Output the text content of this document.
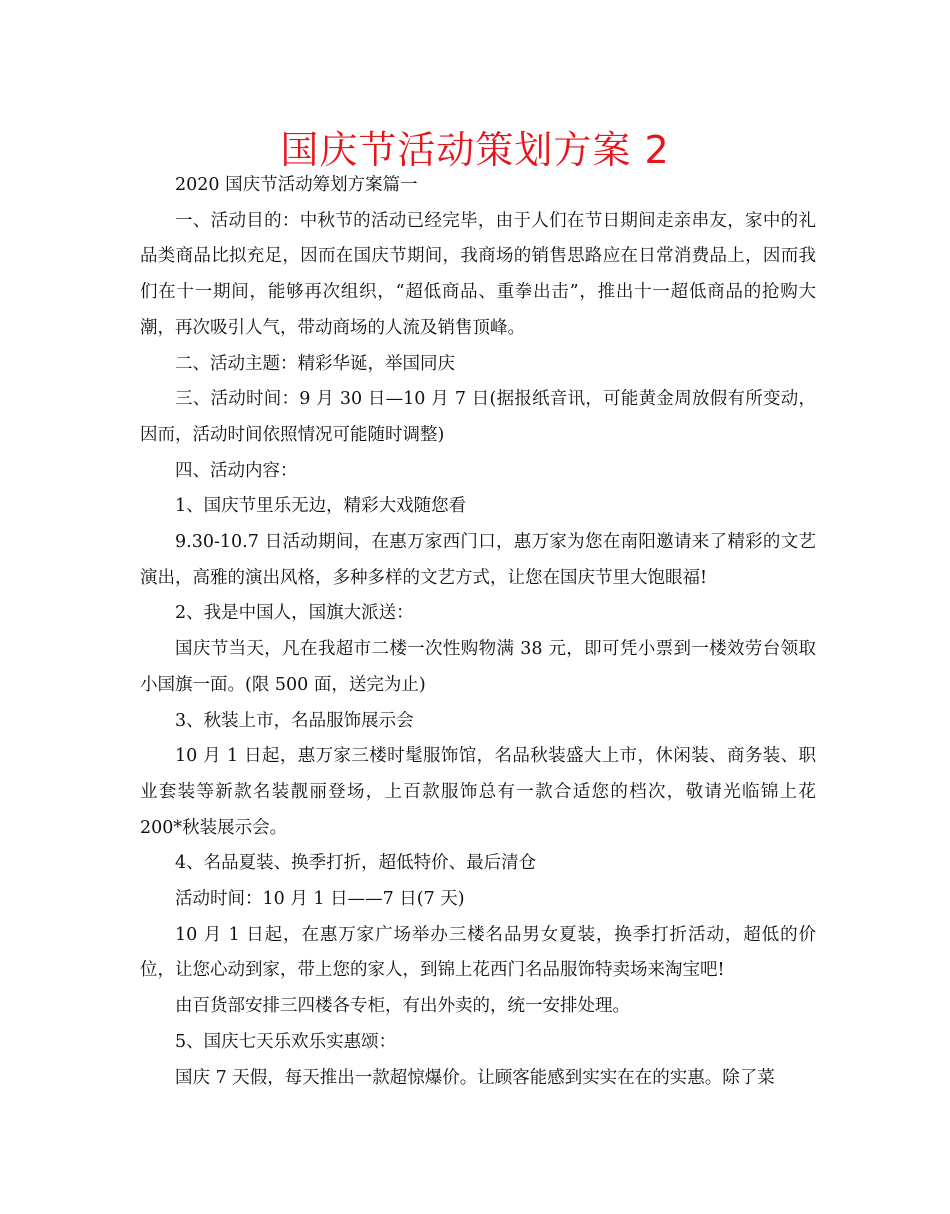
国庆节活动策划方案 2

2020 国庆节活动筹划方案篇一

一、活动目的：中秋节的活动已经完毕，由于人们在节日期间走亲串友，家中的礼品类商品比拟充足，因而在国庆节期间，我商场的销售思路应在日常消费品上，因而我们在十一期间，能够再次组织，“超低商品、重拳出击”，推出十一超低商品的抢购大潮，再次吸引人气，带动商场的人流及销售顶峰。

二、活动主题：精彩华诞，举国同庆

三、活动时间：9 月 30 日—10 月 7 日(据报纸音讯，可能黄金周放假有所变动，因而，活动时间依照情况可能随时调整)

四、活动内容：

1、国庆节里乐无边，精彩大戏随您看

9.30-10.7 日活动期间，在惠万家西门口，惠万家为您在南阳邀请来了精彩的文艺演出，高雅的演出风格，多种多样的文艺方式，让您在国庆节里大饱眼福!

2、我是中国人，国旗大派送：

国庆节当天，凡在我超市二楼一次性购物满 38 元，即可凭小票到一楼效劳台领取小国旗一面。(限 500 面，送完为止)

3、秋装上市，名品服饰展示会

10 月 1 日起，惠万家三楼时髦服饰馆，名品秋装盛大上市，休闲装、商务装、职业套装等新款名装靓丽登场，上百款服饰总有一款合适您的档次，敬请光临锦上花 200*秋装展示会。

4、名品夏装、换季打折，超低特价、最后清仓

活动时间：10 月 1 日——7 日(7 天)

10 月 1 日起，在惠万家广场举办三楼名品男女夏装，换季打折活动，超低的价位，让您心动到家，带上您的家人，到锦上花西门名品服饰特卖场来淘宝吧!

由百货部安排三四楼各专柜，有出外卖的，统一安排处理。

5、国庆七天乐欢乐实惠颂：

国庆 7 天假，每天推出一款超惊爆价。让顾客能感到实实在在的实惠。除了菜
